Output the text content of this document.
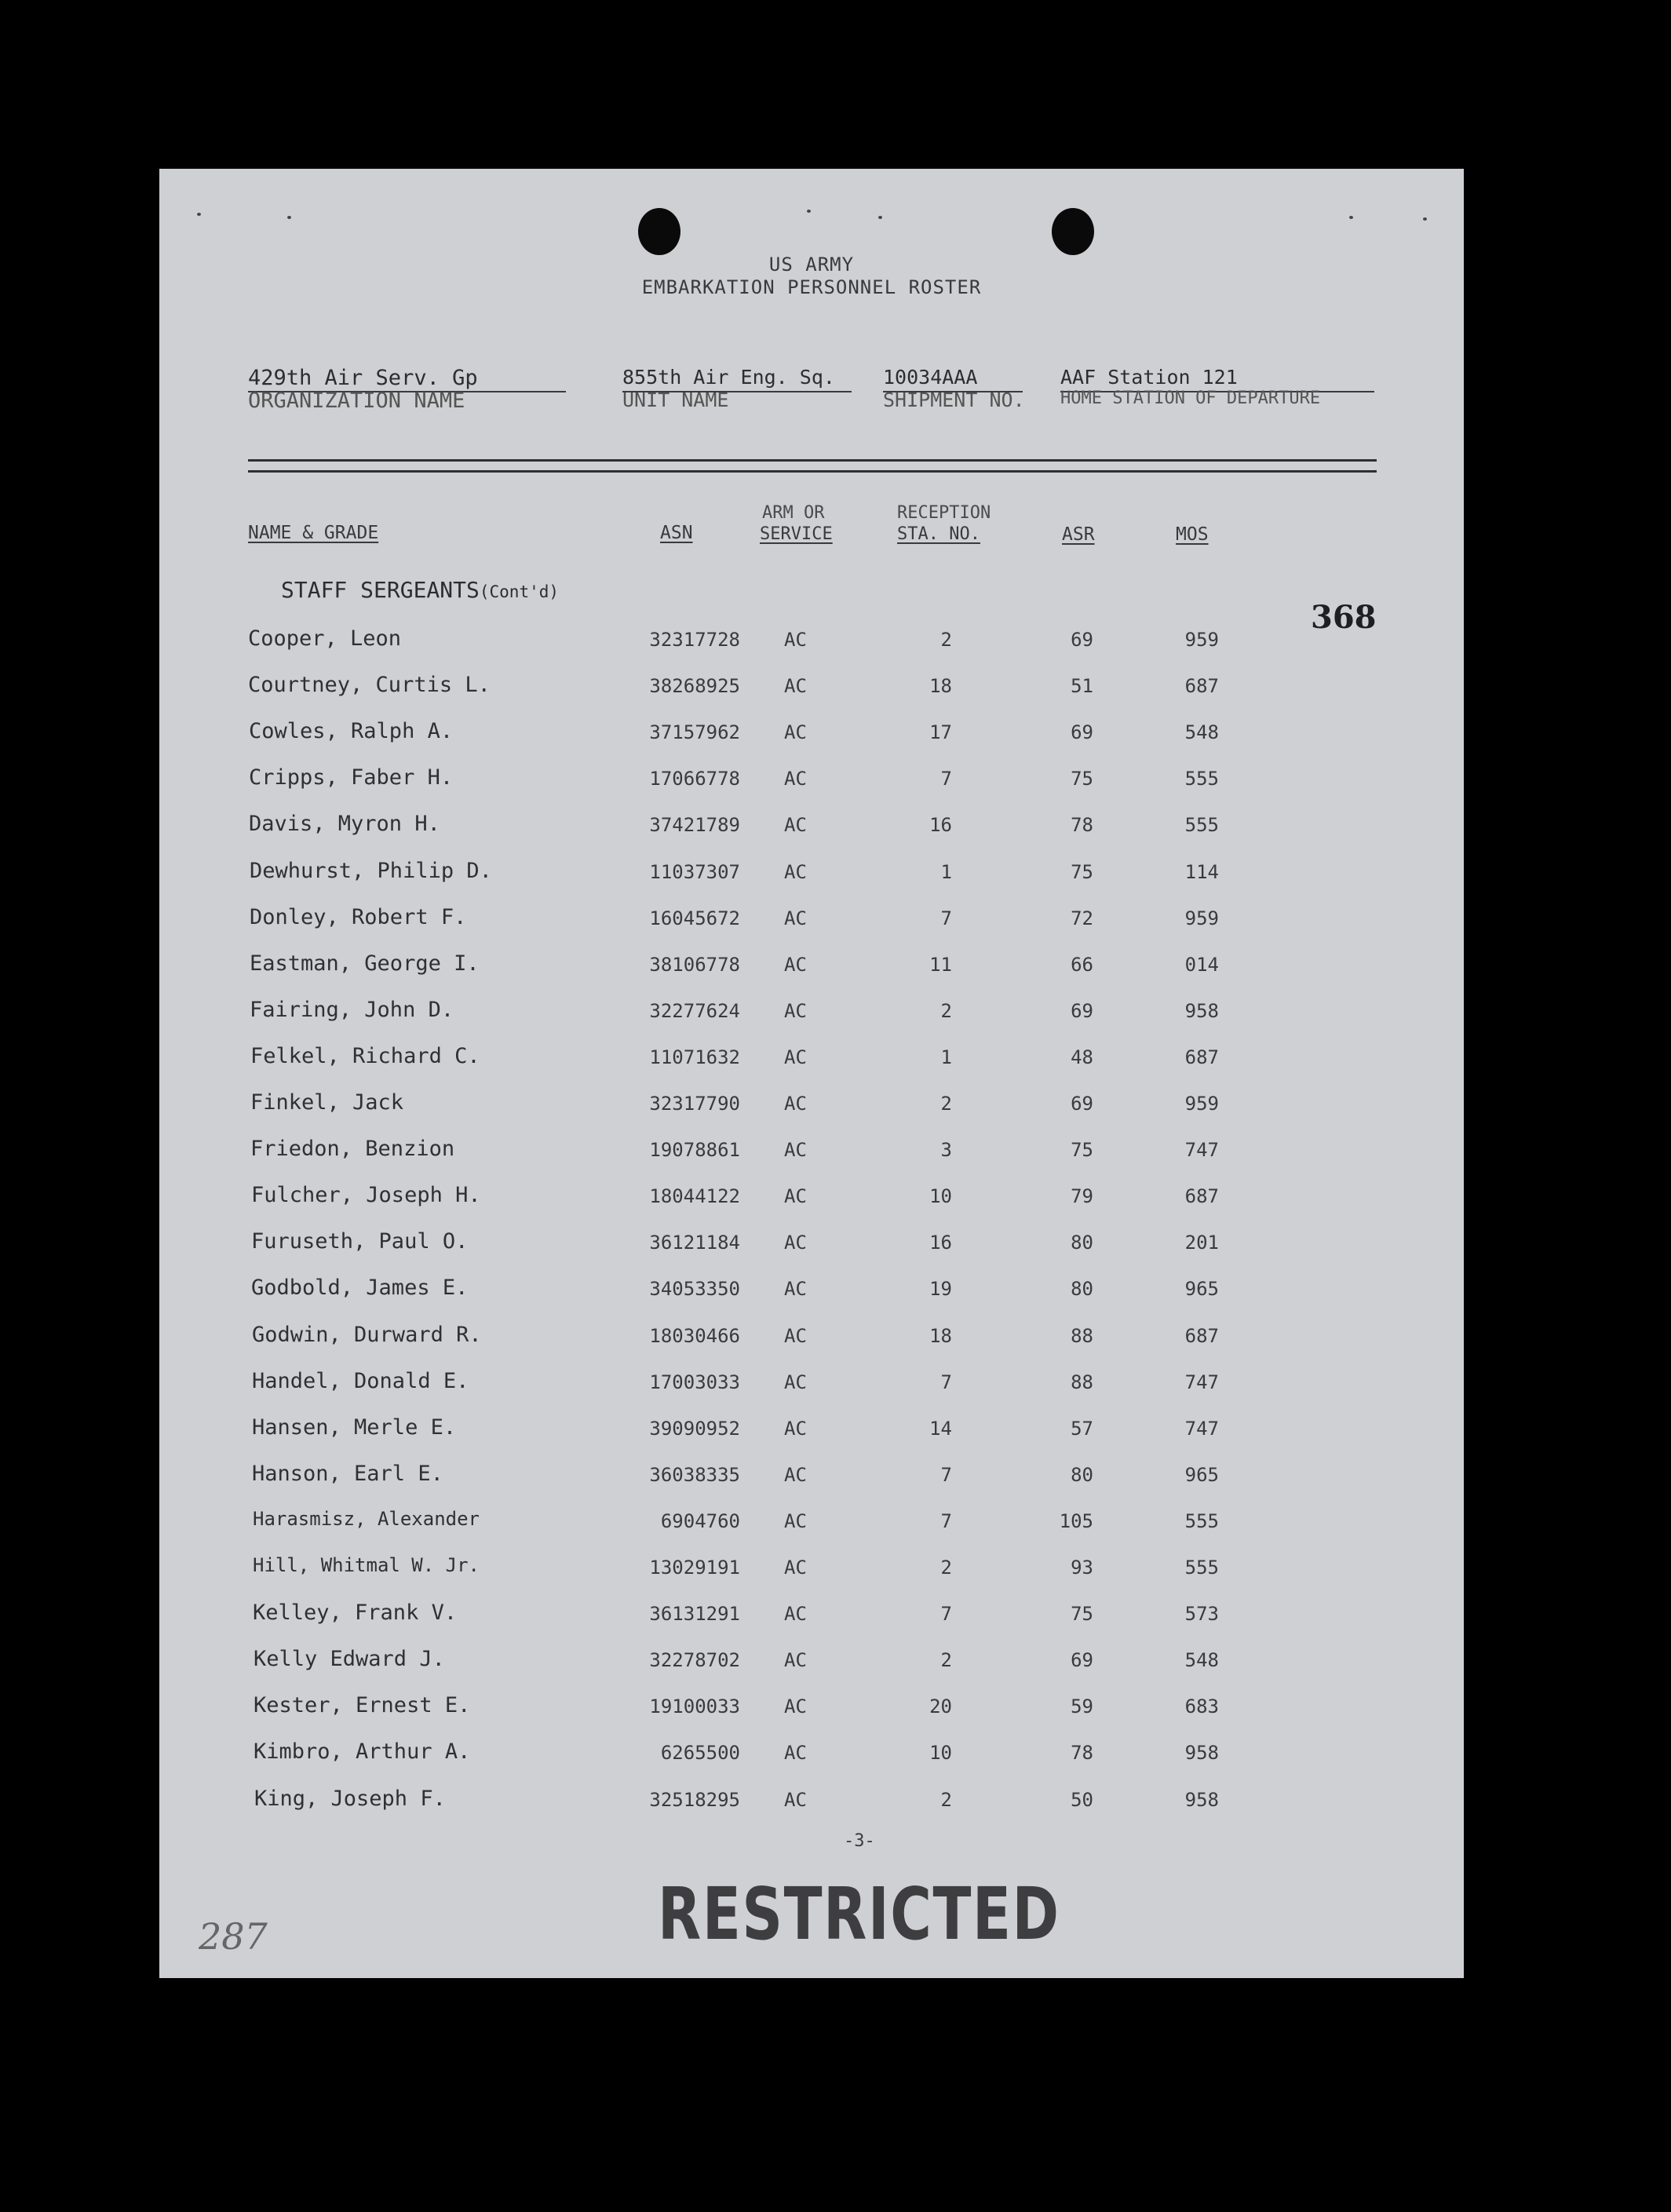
US ARMY
EMBARKATION PERSONNEL ROSTER
429th Air Serv. Gp
ORGANIZATION NAME
855th Air Eng. Sq.
UNIT NAME
10034AAA
SHIPMENT NO.
AAF Station 121
HOME STATION OF DEPARTURE
NAME & GRADE	ASN
ARM OR
SERVICE
RECEPTION
STA. NO.	ASR	MOS
STAFF SERGEANTS(Cont'd)
368
Cooper, Leon	32317728 AC	2	69	959
Courtney, Curtis L.	38268925 AC	18	51	687
Cowles, Ralph A.	37157962 AC	17	69	548
Cripps, Faber H.	17066778 AC	7	75	555
Davis, Myron H.	37421789 AC	16	78	555
Dewhurst, Philip D.	11037307 AC	1	75	114
Donley, Robert F.	16045672 AC	7	72	959
Eastman, George I.	38106778 AC	11	66	014
Fairing, John D.	32277624 AC	2	69	958
Felkel, Richard C.	11071632 AC	1	48	687
Finkel, Jack	32317790 AC	2	69	959
Friedon, Benzion	19078861 AC	3	75	747
Fulcher, Joseph H.	18044122 AC	10	79	687
Furuseth, Paul O.	36121184 AC	16	80	201
Godbold, James E.	34053350 AC	19	80	965
Godwin, Durward R.	18030466 AC	18	88	687
Handel, Donald E.	17003033 AC	7	88	747
Hansen, Merle E.	39090952 AC	14	57	747
Hanson, Earl E.	36038335 AC	7	80	965
Harasmisz, Alexander	6904760 AC	7	105	555
Hill, Whitmal W. Jr.	13029191 AC	2	93	555
Kelley, Frank V.	36131291 AC	7	75	573
Kelly Edward J.	32278702 AC	2	69	548
Kester, Ernest E.	19100033 AC	20	59	683
Kimbro, Arthur A.	6265500 AC	10	78	958
King, Joseph F.	32518295 AC	2	50	958
-3-
RESTRICTED
287
